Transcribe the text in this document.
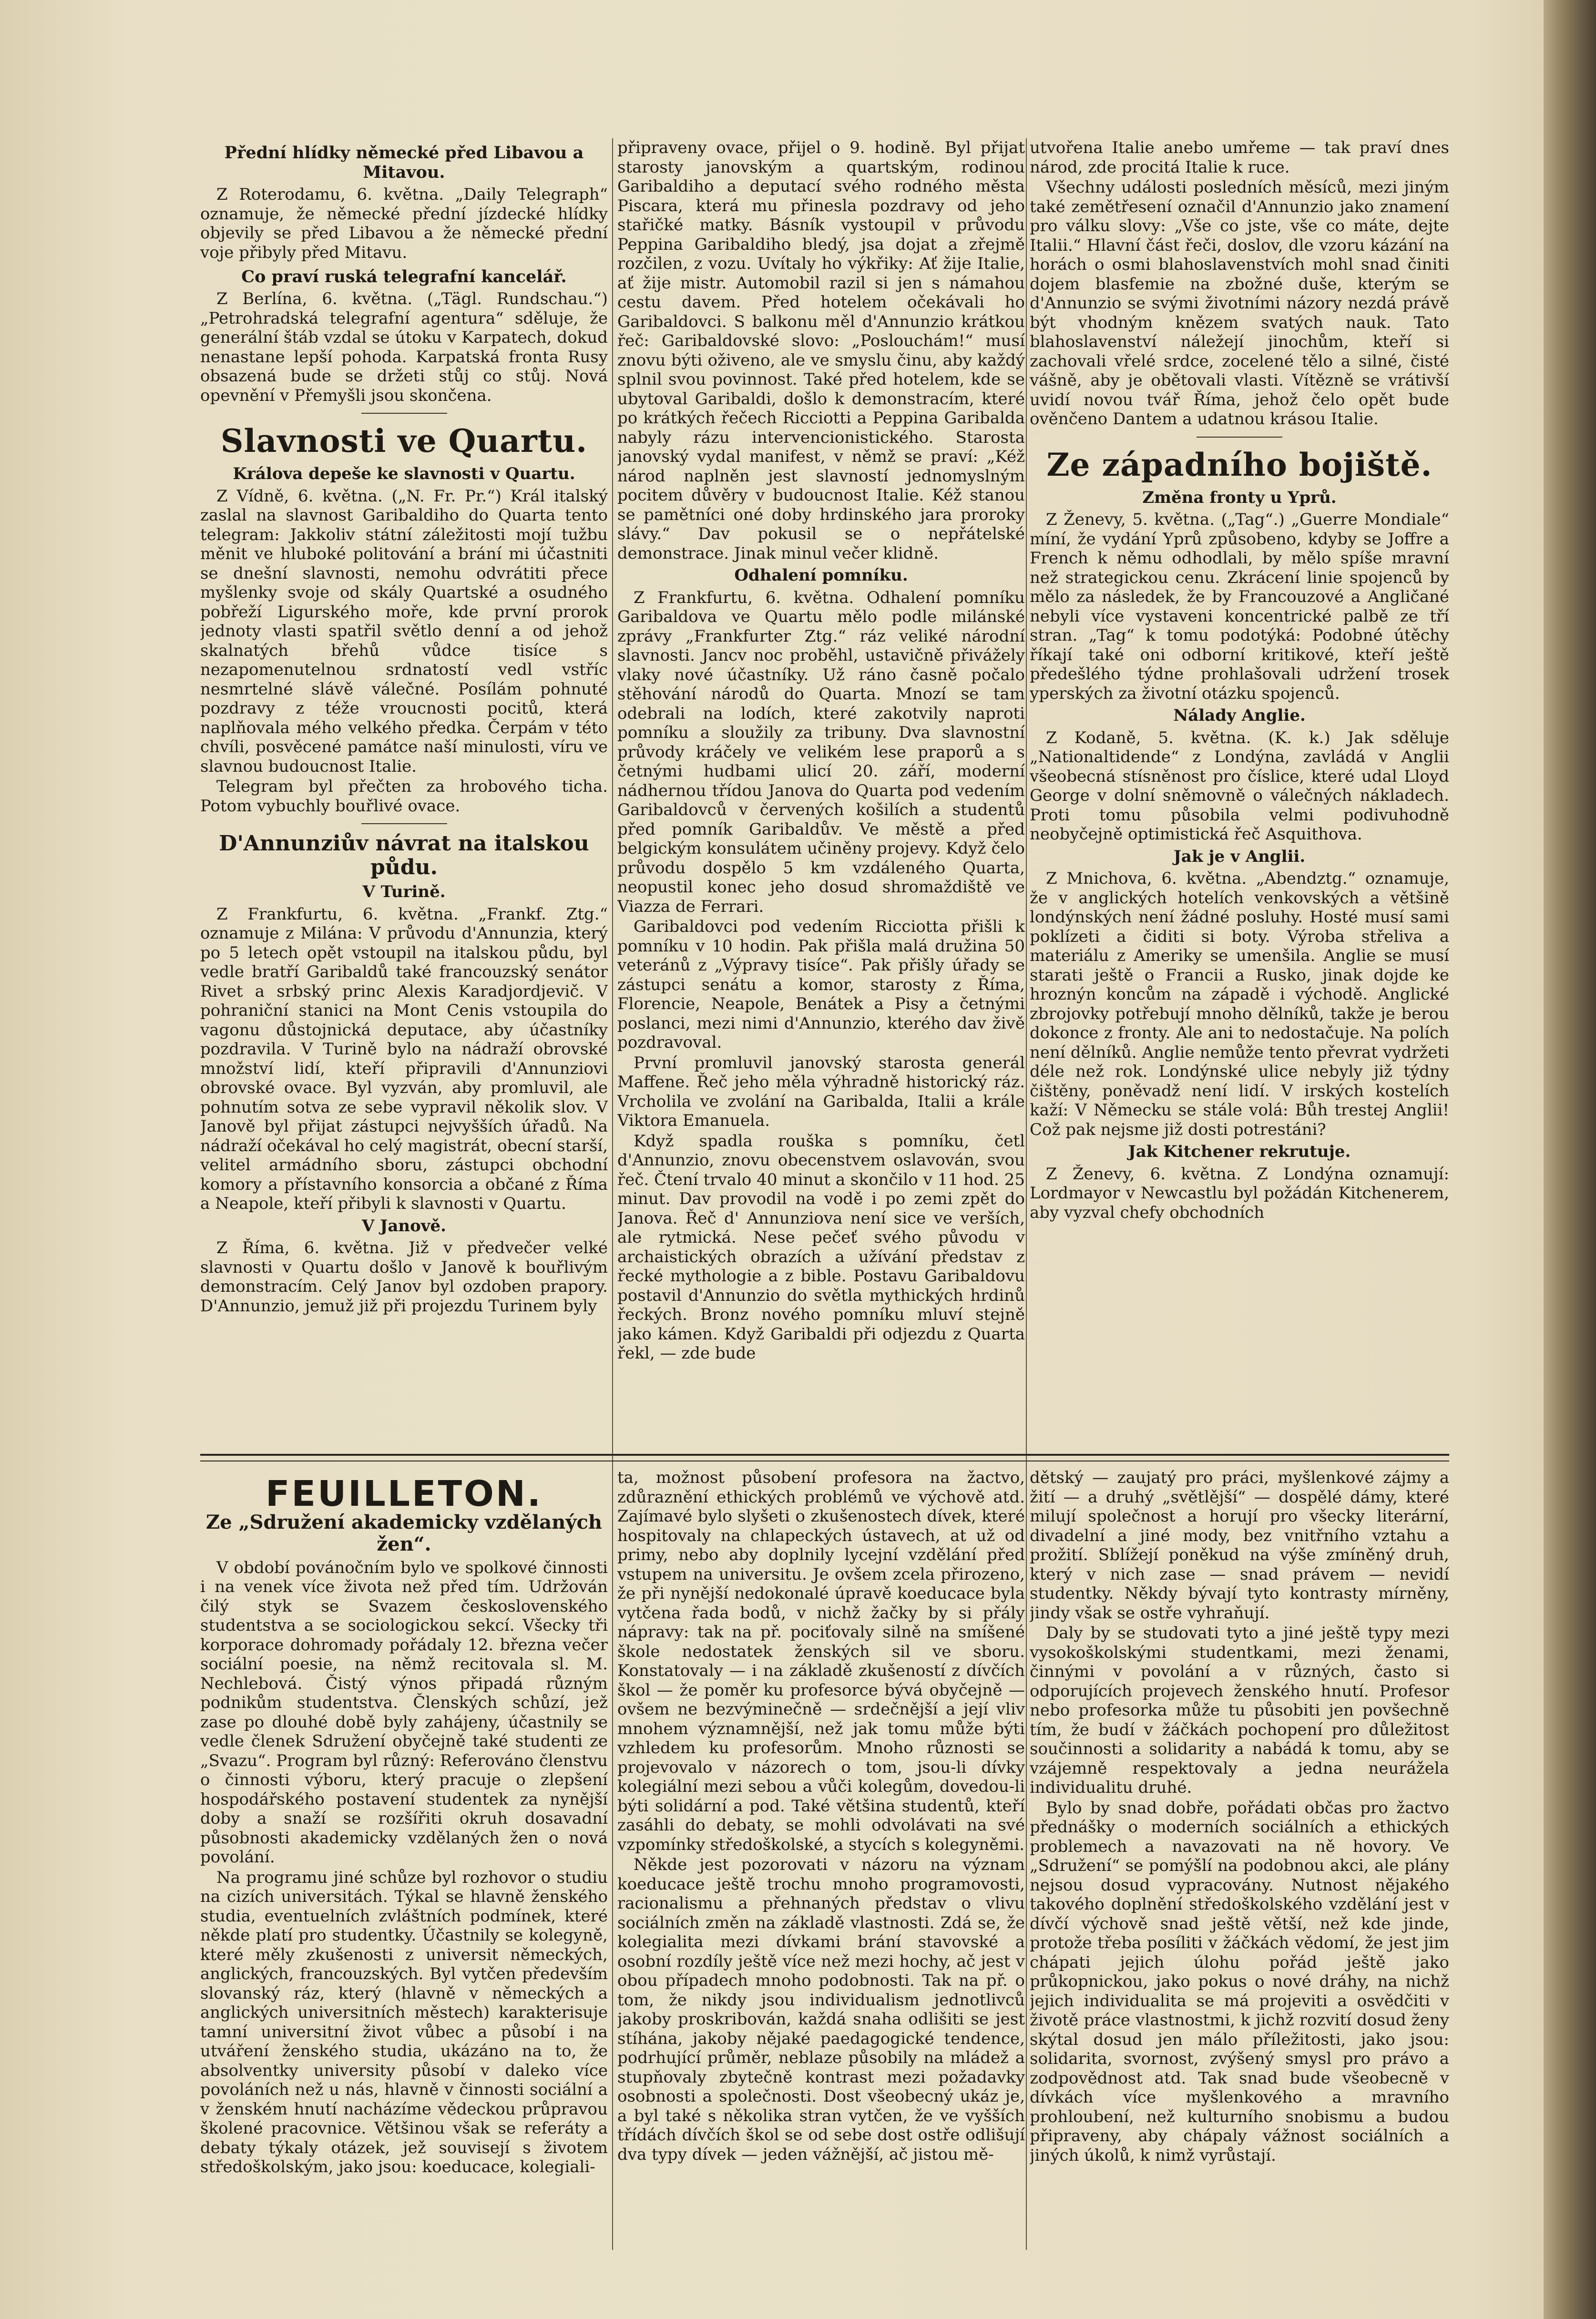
Přední hlídky německé před Libavou a Mitavou.

Z Roterodamu, 6. května. „Daily Telegraph“ oznamuje, že německé přední jízdecké hlídky objevily se před Libavou a že německé přední voje přibyly před Mitavu.

Co praví ruská telegrafní kancelář.

Z Berlína, 6. května. („Tägl. Rundschau.“) „Petrohradská telegrafní agentura“ sděluje, že generální štáb vzdal se útoku v Karpatech, dokud nenastane lepší pohoda. Karpatská fronta Rusy obsazená bude se držeti stůj co stůj. Nová opevnění v Přemyšli jsou skončena.

Slavnosti ve Quartu.
Králova depeše ke slavnosti v Quartu.

Z Vídně, 6. května. („N. Fr. Pr.“) Král italský zaslal na slavnost Garibaldiho do Quarta tento telegram: Jakkoliv státní záležitosti mojí tužbu měnit ve hluboké politování a brání mi účastniti se dnešní slavnosti, nemohu odvrátiti přece myšlenky svoje od skály Quartské a osudného pobřeží Ligurského moře, kde první prorok jednoty vlasti spatřil světlo denní a od jehož skalnatých břehů vůdce tisíce s nezapomenutelnou srdnatostí vedl vstříc nesmrtelné slávě válečné. Posílám pohnuté pozdravy z téže vroucnosti pocitů, která naplňovala mého velkého předka. Čerpám v této chvíli, posvěcené památce naší minulosti, víru ve slavnou budoucnost Italie.

Telegram byl přečten za hrobového ticha. Potom vybuchly bouřlivé ovace.

D'Annunziův návrat na italskou půdu.
V Turině.

Z Frankfurtu, 6. května. „Frankf. Ztg.“ oznamuje z Milána: V průvodu d'Annunzia, který po 5 letech opět vstoupil na italskou půdu, byl vedle bratří Garibaldů také francouzský senátor Rivet a srbský princ Alexis Karadjordjevič. V pohraniční stanici na Mont Cenis vstoupila do vagonu důstojnická deputace, aby účastníky pozdravila. V Turině bylo na nádraží obrovské množství lidí, kteří připravili d'Annunziovi obrovské ovace. Byl vyzván, aby promluvil, ale pohnutím sotva ze sebe vypravil několik slov. V Janově byl přijat zástupci nejvyšších úřadů. Na nádraží očekával ho celý magistrát, obecní starší, velitel armádního sboru, zástupci obchodní komory a přístavního konsorcia a občané z Říma a Neapole, kteří přibyli k slavnosti v Quartu.

V Janově.

Z Říma, 6. května. Již v předvečer velké slavnosti v Quartu došlo v Janově k bouřlivým demonstracím. Celý Janov byl ozdoben prapory. D'Annunzio, jemuž již při projezdu Turinem byly

připraveny ovace, přijel o 9. hodině. Byl přijat starosty janovským a quartským, rodinou Garibaldiho a deputací svého rodného města Piscara, která mu přinesla pozdravy od jeho stařičké matky. Básník vystoupil v průvodu Peppina Garibaldiho bledý, jsa dojat a zřejmě rozčilen, z vozu. Uvítaly ho výkřiky: Ať žije Italie, ať žije mistr. Automobil razil si jen s námahou cestu davem. Před hotelem očekávali ho Garibaldovci. S balkonu měl d'Annunzio krátkou řeč: Garibaldovské slovo: „Poslouchám!“ musí znovu býti oživeno, ale ve smyslu činu, aby každý splnil svou povinnost. Také před hotelem, kde se ubytoval Garibaldi, došlo k demonstracím, které po krátkých řečech Ricciotti a Peppina Garibalda nabyly rázu intervencionistického. Starosta janovský vydal manifest, v němž se praví: „Kéž národ naplněn jest slavností jednomyslným pocitem důvěry v budoucnost Italie. Kéž stanou se pamětníci oné doby hrdinského jara proroky slávy.“ Dav pokusil se o nepřátelské demonstrace. Jinak minul večer klidně.

Odhalení pomníku.

Z Frankfurtu, 6. května. Odhalení pomníku Garibaldova ve Quartu mělo podle milánské zprávy „Frankfurter Ztg.“ ráz veliké národní slavnosti. Jancv noc proběhl, ustavičně přivážely vlaky nové účastníky. Už ráno časně počalo stěhování národů do Quarta. Mnozí se tam odebrali na lodích, které zakotvily naproti pomníku a sloužily za tribuny. Dva slavnostní průvody kráčely ve velikém lese praporů a s četnými hudbami ulicí 20. září, moderní nádhernou třídou Janova do Quarta pod vedením Garibaldovců v červených košilích a studentů před pomník Garibaldův. Ve městě a před belgickým konsulátem učiněny projevy. Když čelo průvodu dospělo 5 km vzdáleného Quarta, neopustil konec jeho dosud shromaždiště ve Viazza de Ferrari.

Garibaldovci pod vedením Ricciotta přišli k pomníku v 10 hodin. Pak přišla malá družina 50 veteránů z „Výpravy tisíce“. Pak přišly úřady se zástupci senátu a komor, starosty z Říma, Florencie, Neapole, Benátek a Pisy a četnými poslanci, mezi nimi d'Annunzio, kterého dav živě pozdravoval.

První promluvil janovský starosta generál Maffene. Řeč jeho měla výhradně historický ráz. Vrcholila ve zvolání na Garibalda, Italii a krále Viktora Emanuela.

Když spadla rouška s pomníku, četl d'Annunzio, znovu obecenstvem oslavován, svou řeč. Čtení trvalo 40 minut a skončilo v 11 hod. 25 minut. Dav provodil na vodě i po zemi zpět do Janova. Řeč d' Annunziova není sice ve verších, ale rytmická. Nese pečeť svého původu v archaistických obrazích a užívání představ z řecké mythologie a z bible. Postavu Garibaldovu postavil d'Annunzio do světla mythických hrdinů řeckých. Bronz nového pomníku mluví stejně jako kámen. Když Garibaldi při odjezdu z Quarta řekl, — zde bude

utvořena Italie anebo umřeme — tak praví dnes národ, zde procitá Italie k ruce.

Všechny události posledních měsíců, mezi jiným také zemětřesení označil d'Annunzio jako znamení pro válku slovy: „Vše co jste, vše co máte, dejte Italii.“ Hlavní část řeči, doslov, dle vzoru kázání na horách o osmi blahoslavenstvích mohl snad činiti dojem blasfemie na zbožné duše, kterým se d'Annunzio se svými životními názory nezdá právě být vhodným knězem svatých nauk. Tato blahoslavenství náležejí jinochům, kteří si zachovali vřelé srdce, zocelené tělo a silné, čisté vášně, aby je obětovali vlasti. Vítězně se vrátivší uvidí novou tvář Říma, jehož čelo opět bude ověnčeno Dantem a udatnou krásou Italie.

Ze západního bojiště.
Změna fronty u Yprů.

Z Ženevy, 5. května. („Tag“.) „Guerre Mondiale“ míní, že vydání Yprů způsobeno, kdyby se Joffre a French k němu odhodlali, by mělo spíše mravní než strategickou cenu. Zkrácení linie spojenců by mělo za následek, že by Francouzové a Angličané nebyli více vystaveni koncentrické palbě ze tří stran. „Tag“ k tomu podotýká: Podobné útěchy říkají také oni odborní kritikové, kteří ještě předešlého týdne prohlašovali udržení trosek yperských za životní otázku spojenců.

Nálady Anglie.

Z Kodaně, 5. května. (K. k.) Jak sděluje „Nationaltidende“ z Londýna, zavládá v Anglii všeobecná stísněnost pro číslice, které udal Lloyd George v dolní sněmovně o válečných nákladech. Proti tomu působila velmi podivuhodně neobyčejně optimistická řeč Asquithova.

Jak je v Anglii.

Z Mnichova, 6. května. „Abendztg.“ oznamuje, že v anglických hotelích venkovských a většině londýnských není žádné posluhy. Hosté musí sami poklízeti a čiditi si boty. Výroba střeliva a materiálu z Ameriky se umenšila. Anglie se musí starati ještě o Francii a Rusko, jinak dojde ke hroznýn koncům na západě i východě. Anglické zbrojovky potřebují mnoho dělníků, takže je berou dokonce z fronty. Ale ani to nedostačuje. Na polích není dělníků. Anglie nemůže tento převrat vydržeti déle než rok. Londýnské ulice nebyly již týdny čištěny, poněvadž není lidí. V irských kostelích kaží: V Německu se stále volá: Bůh trestej Anglii! Což pak nejsme již dosti potrestáni?

Jak Kitchener rekrutuje.

Z Ženevy, 6. května. Z Londýna oznamují: Lordmayor v Newcastlu byl požádán Kitchenerem, aby vyzval chefy obchodních

FEUILLETON.
Ze „Sdružení akademicky vzdělaných žen“.

V období povánočním bylo ve spolkové činnosti i na venek více života než před tím. Udržován čilý styk se Svazem československého studentstva a se sociologickou sekcí. Všecky tři korporace dohromady pořádaly 12. března večer sociální poesie, na němž recitovala sl. M. Nechlebová. Čistý výnos připadá různým podnikům studentstva. Členských schůzí, jež zase po dlouhé době byly zahájeny, účastnily se vedle členek Sdružení obyčejně také studenti ze „Svazu“. Program byl různý: Referováno členstvu o činnosti výboru, který pracuje o zlepšení hospodářského postavení studentek za nynější doby a snaží se rozšířiti okruh dosavadní působnosti akademicky vzdělaných žen o nová povolání.

Na programu jiné schůze byl rozhovor o studiu na cizích universitách. Týkal se hlavně ženského studia, eventuelních zvláštních podmínek, které někde platí pro studentky. Účastnily se kolegyně, které měly zkušenosti z universit německých, anglických, francouzských. Byl vytčen především slovanský ráz, který (hlavně v německých a anglických universitních městech) karakterisuje tamní universitní život vůbec a působí i na utváření ženského studia, ukázáno na to, že absolventky university působí v daleko více povoláních než u nás, hlavně v činnosti sociální a v ženském hnutí nacházíme vědeckou průpravou školené pracovnice. Většinou však se referáty a debaty týkaly otázek, jež souvisejí s životem středoškolským, jako jsou: koeducace, kolegiali-

ta, možnost působení profesora na žactvo, zdůraznění ethických problémů ve výchově atd. Zajímavé bylo slyšeti o zkušenostech dívek, které hospitovaly na chlapeckých ústavech, at už od primy, nebo aby doplnily lycejní vzdělání před vstupem na universitu. Je ovšem zcela přirozeno, že při nynější nedokonalé úpravě koeducace byla vytčena řada bodů, v nichž žačky by si přály nápravy: tak na př. pociťovaly silně na smíšené škole nedostatek ženských sil ve sboru. Konstatovaly — i na základě zkušeností z dívčích škol — že poměr ku profesorce bývá obyčejně — ovšem ne bezvýminečně — srdečnější a její vliv mnohem významnější, než jak tomu může býti vzhledem ku profesorům. Mnoho různosti se projevovalo v názorech o tom, jsou-li dívky kolegiální mezi sebou a vůči kolegům, dovedou-li býti solidární a pod. Také většina studentů, kteří zasáhli do debaty, se mohli odvolávati na své vzpomínky středoškolské, a stycích s kolegyněmi.

Někde jest pozorovati v názoru na význam koeducace ještě trochu mnoho programovosti, racionalismu a přehnaných představ o vlivu sociálních změn na základě vlastnosti. Zdá se, že kolegialita mezi dívkami brání stavovské a osobní rozdíly ještě více než mezi hochy, ač jest v obou případech mnoho podobnosti. Tak na př. o tom, že nikdy jsou individualism jednotlivců jakoby proskribován, každá snaha odlišiti se jest stíhána, jakoby nějaké paedagogické tendence, podrhující průměr, neblaze působily na mládež a stupňovaly zbytečně kontrast mezi požadavky osobnosti a společnosti. Dost všeobecný ukáz je, a byl také s několika stran vytčen, že ve vyšších třídách dívčích škol se od sebe dost ostře odlišují dva typy dívek — jeden vážnější, ač jistou mě-

dětský — zaujatý pro práci, myšlenkové zájmy a žití — a druhý „světlější“ — dospělé dámy, které milují společnost a horují pro všecky literární, divadelní a jiné mody, bez vnitřního vztahu a prožití. Sblížejí poněkud na výše zmíněný druh, který v nich zase — snad právem — nevidí studentky. Někdy bývají tyto kontrasty mírněny, jindy však se ostře vyhraňují.

Daly by se studovati tyto a jiné ještě typy mezi vysokoškolskými studentkami, mezi ženami, činnými v povolání a v různých, často si odporujících projevech ženského hnutí. Profesor nebo profesorka může tu působiti jen povšechně tím, že budí v žáčkách pochopení pro důležitost součinnosti a solidarity a nabádá k tomu, aby se vzájemně respektovaly a jedna neurážela individualitu druhé.

Bylo by snad dobře, pořádati občas pro žactvo přednášky o moderních sociálních a ethických problemech a navazovati na ně hovory. Ve „Sdružení“ se pomýšlí na podobnou akci, ale plány nejsou dosud vypracovány. Nutnost nějakého takového doplnění středoškolského vzdělání jest v dívčí výchově snad ještě větší, než kde jinde, protože třeba posíliti v žáčkách vědomí, že jest jim chápati jejich úlohu pořád ještě jako průkopnickou, jako pokus o nové dráhy, na nichž jejich individualita se má projeviti a osvědčiti v životě práce vlastnostmi, k jichž rozvití dosud ženy skýtal dosud jen málo příležitosti, jako jsou: solidarita, svornost, zvýšený smysl pro právo a zodpovědnost atd. Tak snad bude všeobecně v dívkách více myšlenkového a mravního prohloubení, než kulturního snobismu a budou připraveny, aby chápaly vážnost sociálních a jiných úkolů, k nimž vyrůstají.
